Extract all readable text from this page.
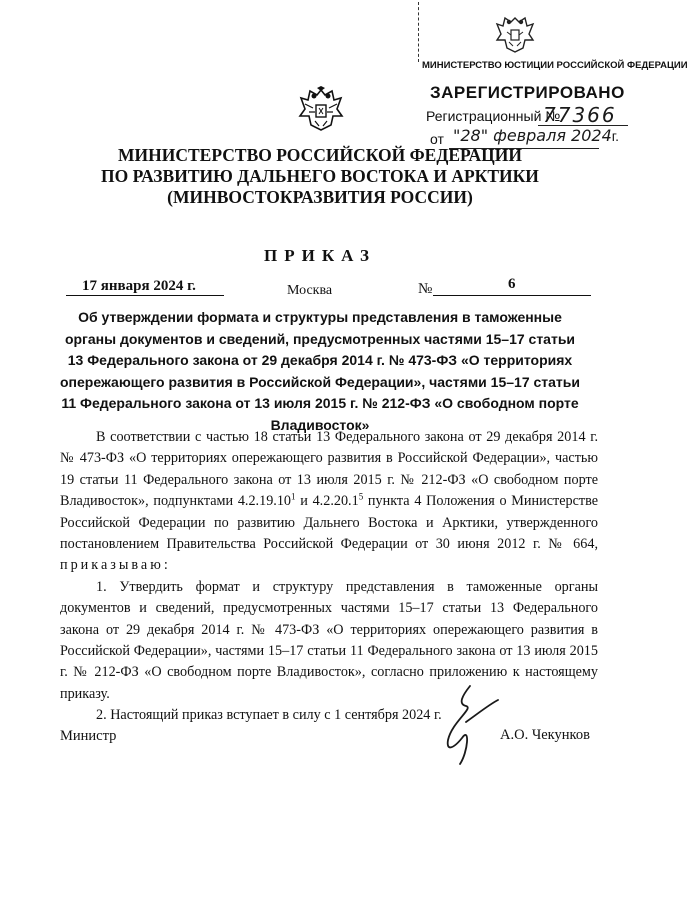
МИНИСТЕРСТВО ЮСТИЦИИ РОССИЙСКОЙ ФЕДЕРАЦИИ
ЗАРЕГИСТРИРОВАНО
Регистрационный №
77366
от "28" февраля 2024г.
МИНИСТЕРСТВО РОССИЙСКОЙ ФЕДЕРАЦИИ
ПО РАЗВИТИЮ ДАЛЬНЕГО ВОСТОКА И АРКТИКИ
(МИНВОСТОКРАЗВИТИЯ РОССИИ)
ПРИКАЗ
17 января 2024 г.	Москва	№	6
Об утверждении формата и структуры представления в таможенные органы документов и сведений, предусмотренных частями 15–17 статьи 13 Федерального закона от 29 декабря 2014 г. № 473-ФЗ «О территориях опережающего развития в Российской Федерации», частями 15–17 статьи 11 Федерального закона от 13 июля 2015 г. № 212-ФЗ «О свободном порте Владивосток»

В соответствии с частью 18 статьи 13 Федерального закона от 29 декабря 2014 г. № 473-ФЗ «О территориях опережающего развития в Российской Федерации», частью 19 статьи 11 Федерального закона от 13 июля 2015 г. № 212-ФЗ «О свободном порте Владивосток», подпунктами 4.2.19.10$^1$ и 4.2.20.1$^5$ пункта 4 Положения о Министерстве Российской Федерации по развитию Дальнего Востока и Арктики, утвержденного постановлением Правительства Российской Федерации от 30 июня 2012 г. № 664, приказываю:

1. Утвердить формат и структуру представления в таможенные органы документов и сведений, предусмотренных частями 15–17 статьи 13 Федерального закона от 29 декабря 2014 г. № 473-ФЗ «О территориях опережающего развития в Российской Федерации», частями 15–17 статьи 11 Федерального закона от 13 июля 2015 г. № 212-ФЗ «О свободном порте Владивосток», согласно приложению к настоящему приказу.

2. Настоящий приказ вступает в силу с 1 сентября 2024 г.

Министр	А.О. Чекунков
